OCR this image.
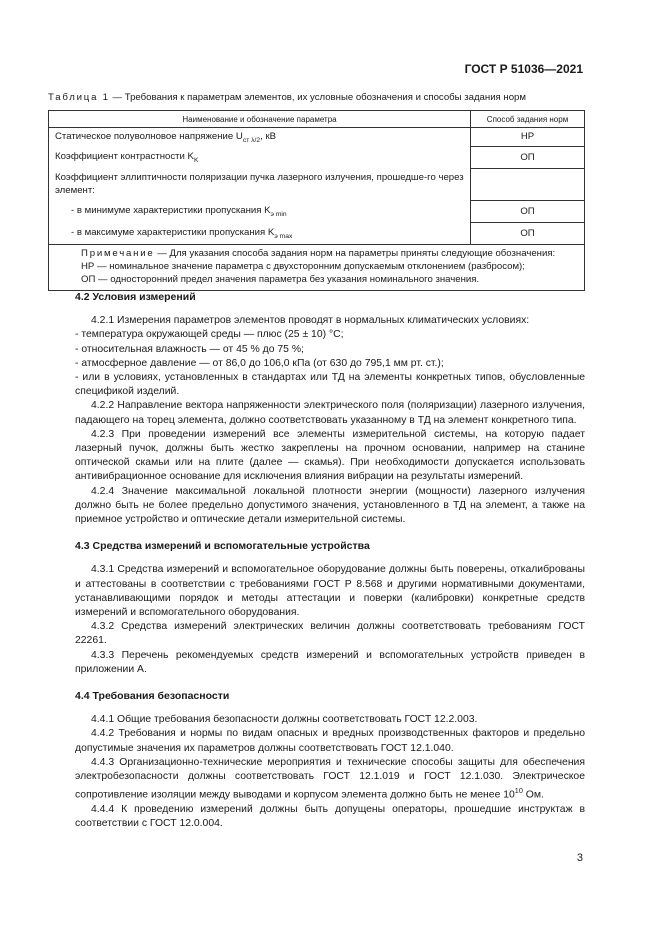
ГОСТ Р 51036—2021
Таблица 1 — Требования к параметрам элементов, их условные обозначения и способы задания норм
Наименование и обозначение параметра	Способ задания норм
Статическое полуволновое напряжение $U_{ст \lambda/2}$, кВ	НР
Коэффициент контрастности $K_K$	ОП
Коэффициент эллиптичности поляризации пучка лазерного излучения, прошедше-го через элемент:	
- в минимуме характеристики пропускания $K_{э min}$	ОП
- в максимуме характеристики пропускания $K_{э max}$	ОП

Примечание — Для указания способа задания норм на параметры приняты следующие обозначения:
НР — номинальное значение параметра с двухсторонним допускаемым отклонением (разбросом);
ОП — односторонний предел значения параметра без указания номинального значения.	
4.2 Условия измерений

4.2.1 Измерения параметров элементов проводят в нормальных климатических условиях:

- температура окружающей среды — плюс (25 ± 10) °С;

- относительная влажность — от 45 % до 75 %;

- атмосферное давление — от 86,0 до 106,0 кПа (от 630 до 795,1 мм рт. ст.);

- или в условиях, установленных в стандартах или ТД на элементы конкретных типов, обусловленные спецификой изделий.

4.2.2 Направление вектора напряженности электрического поля (поляризации) лазерного излучения, падающего на торец элемента, должно соответствовать указанному в ТД на элемент конкретного типа.

4.2.3 При проведении измерений все элементы измерительной системы, на которую падает лазерный пучок, должны быть жестко закреплены на прочном основании, например на станине оптической скамьи или на плите (далее — скамья). При необходимости допускается использовать антивибрационное основание для исключения влияния вибрации на результаты измерений.

4.2.4 Значение максимальной локальной плотности энергии (мощности) лазерного излучения должно быть не более предельно допустимого значения, установленного в ТД на элемент, а также на приемное устройство и оптические детали измерительной системы.

4.3 Средства измерений и вспомогательные устройства

4.3.1 Средства измерений и вспомогательное оборудование должны быть поверены, откалиброваны и аттестованы в соответствии с требованиями ГОСТ Р 8.568 и другими нормативными документами, устанавливающими порядок и методы аттестации и поверки (калибровки) конкретные средств измерений и вспомогательного оборудования.

4.3.2 Средства измерений электрических величин должны соответствовать требованиям ГОСТ 22261.

4.3.3 Перечень рекомендуемых средств измерений и вспомогательных устройств приведен в приложении А.

4.4 Требования безопасности

4.4.1 Общие требования безопасности должны соответствовать ГОСТ 12.2.003.

4.4.2 Требования и нормы по видам опасных и вредных производственных факторов и предельно допустимые значения их параметров должны соответствовать ГОСТ 12.1.040.

4.4.3 Организационно-технические мероприятия и технические способы защиты для обеспечения электробезопасности должны соответствовать ГОСТ 12.1.019 и ГОСТ 12.1.030. Электрическое сопротивление изоляции между выводами и корпусом элемента должно быть не менее $10^{10}$ Ом.

4.4.4 К проведению измерений должны быть допущены операторы, прошедшие инструктаж в соответствии с ГОСТ 12.0.004.

3
